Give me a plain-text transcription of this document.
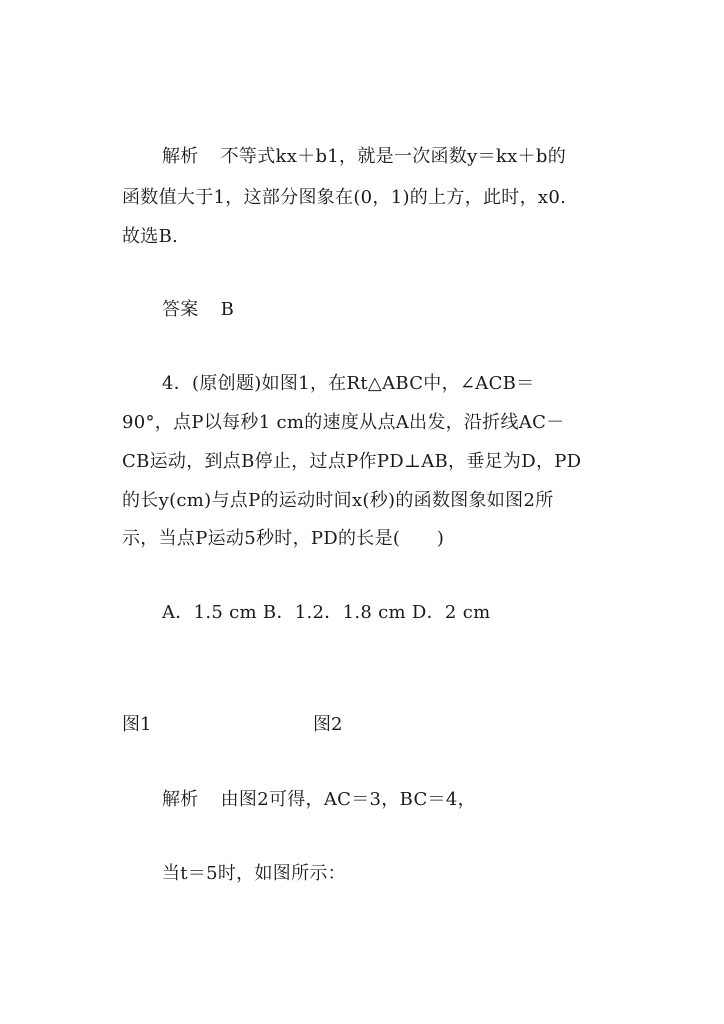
解析 不等式kx＋b1，就是一次函数y＝kx＋b的
函数值大于1，这部分图象在(0，1)的上方，此时，x0.
故选B.
答案 B
4．(原创题)如图1，在Rt△ABC中，∠ACB＝
90°，点P以每秒1 cm的速度从点A出发，沿折线AC－
CB运动，到点B停止，过点P作PD⊥AB，垂足为D，PD
的长y(cm)与点P的运动时间x(秒)的函数图象如图2所
示，当点P运动5秒时，PD的长是(　　)
A．1.5 cm B．1.2．1.8 cm D．2 cm
图1	图2
解析 由图2可得，AC＝3，BC＝4，
当t＝5时，如图所示：
